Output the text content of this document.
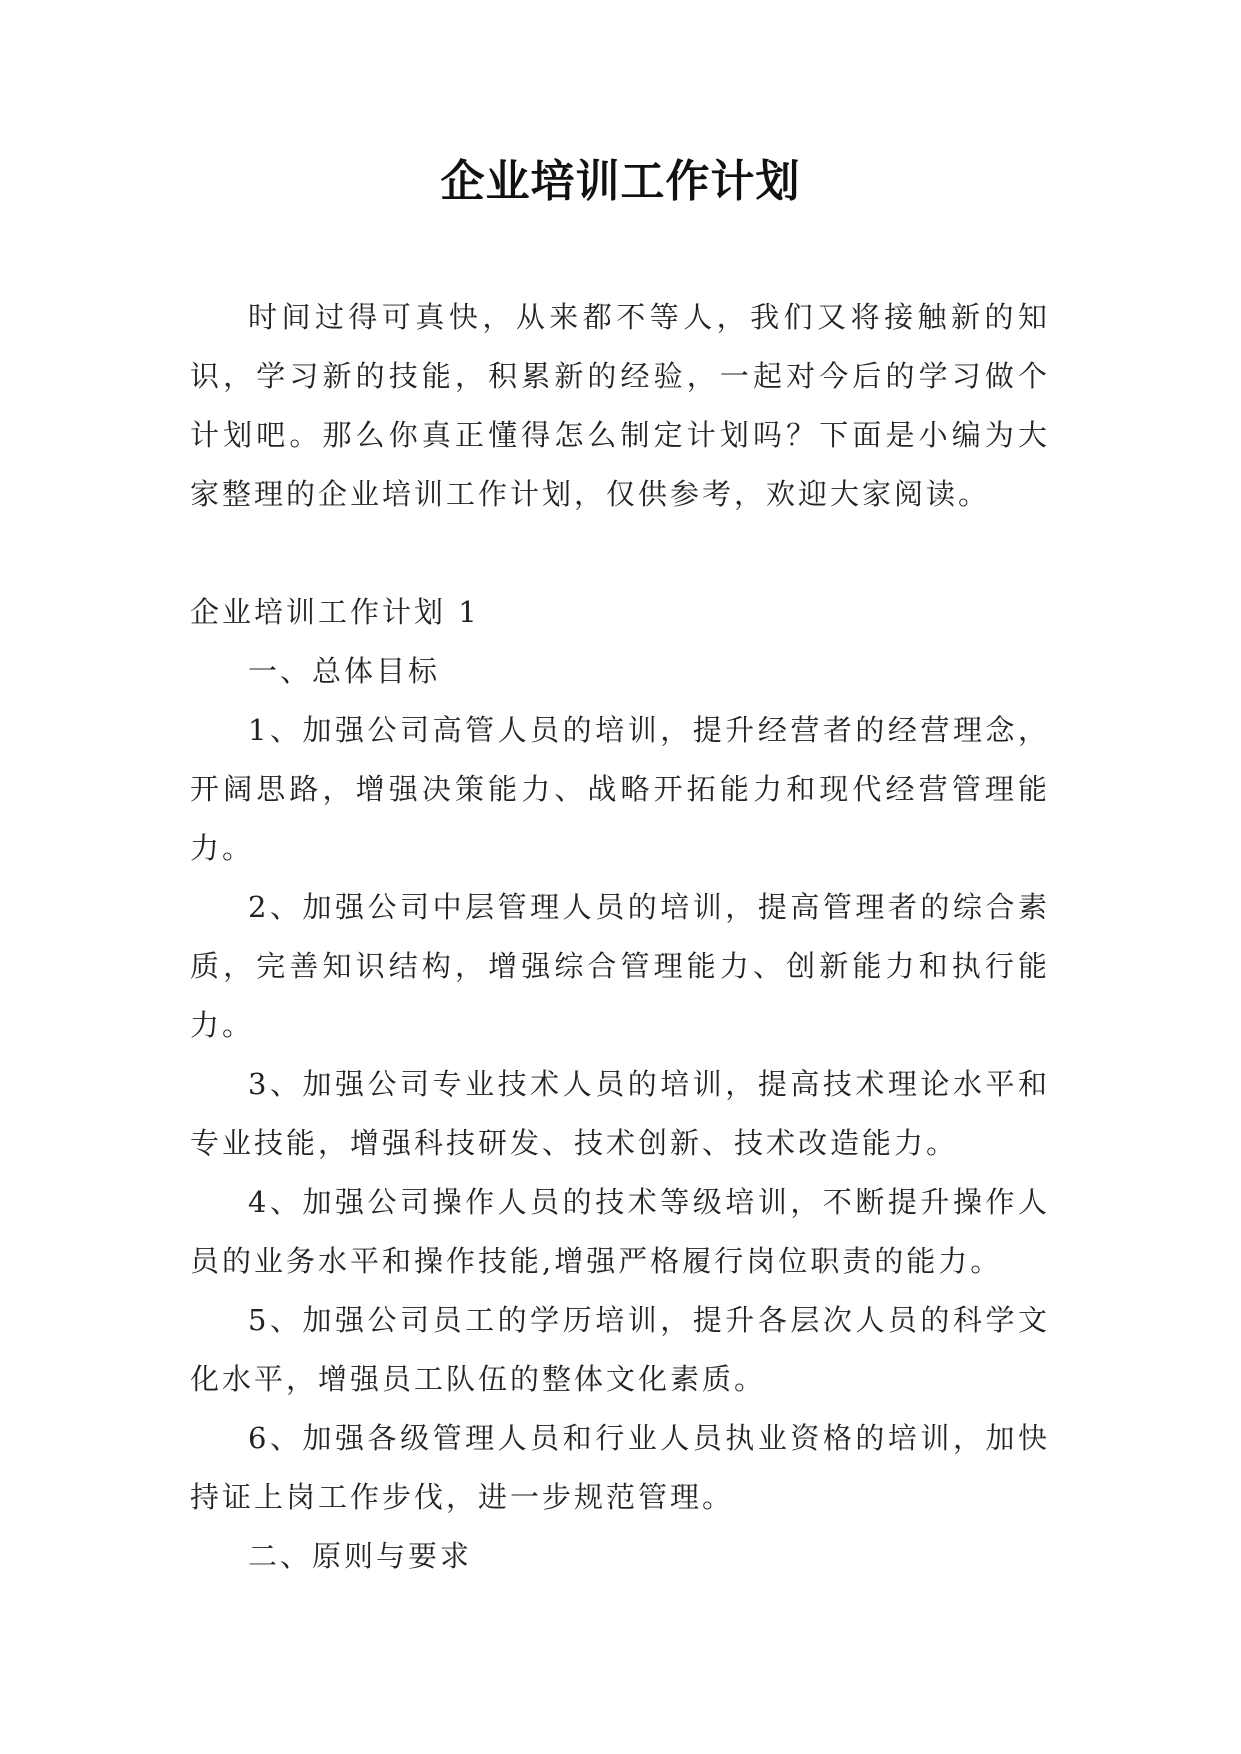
企业培训工作计划

时间过得可真快，从来都不等人，我们又将接触新的知识，学习新的技能，积累新的经验，一起对今后的学习做个计划吧。那么你真正懂得怎么制定计划吗？下面是小编为大家整理的企业培训工作计划，仅供参考，欢迎大家阅读。

企业培训工作计划 1

一、总体目标

1、加强公司高管人员的培训，提升经营者的经营理念，开阔思路，增强决策能力、战略开拓能力和现代经营管理能力。

2、加强公司中层管理人员的培训，提高管理者的综合素质，完善知识结构，增强综合管理能力、创新能力和执行能力。

3、加强公司专业技术人员的培训，提高技术理论水平和专业技能，增强科技研发、技术创新、技术改造能力。

4、加强公司操作人员的技术等级培训，不断提升操作人员的业务水平和操作技能,增强严格履行岗位职责的能力。

5、加强公司员工的学历培训，提升各层次人员的科学文化水平，增强员工队伍的整体文化素质。

6、加强各级管理人员和行业人员执业资格的培训，加快持证上岗工作步伐，进一步规范管理。

二、原则与要求
